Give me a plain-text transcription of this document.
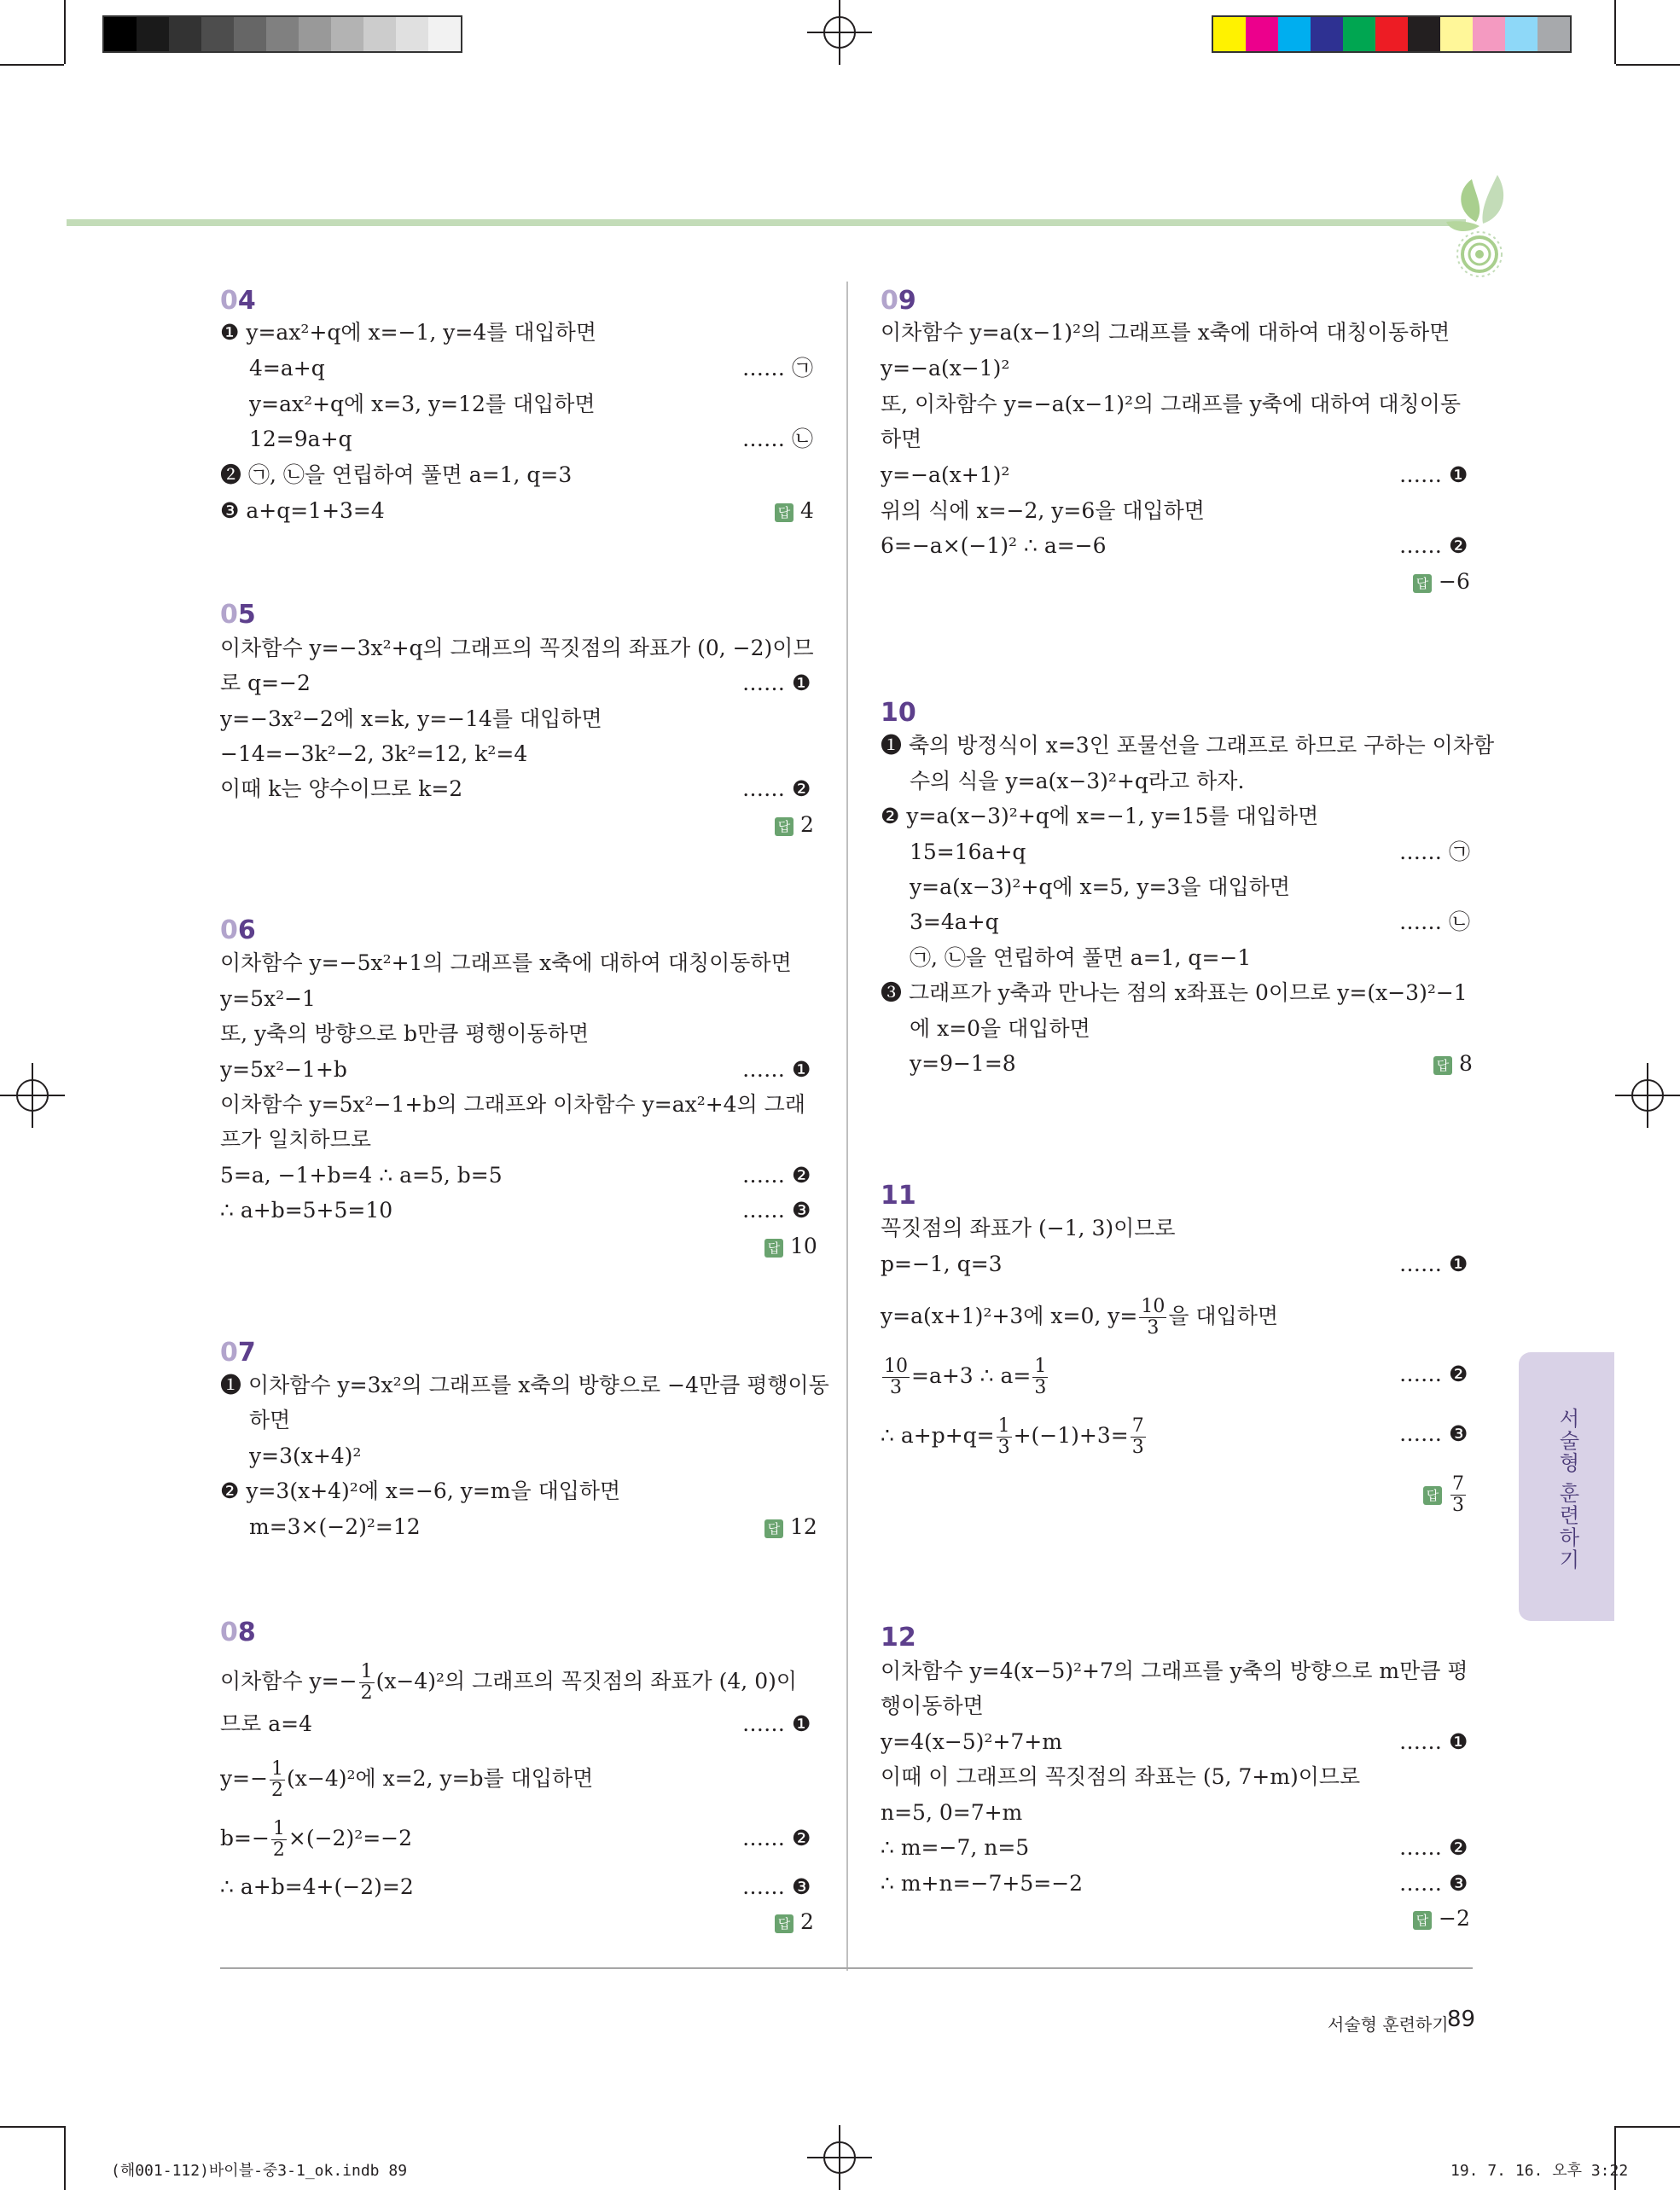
04
❶ y=ax²+q에 x=−1, y=4를 대입하면
4=a+q	…… ㉠
y=ax²+q에 x=3, y=12를 대입하면
12=9a+q	…… ㉡
❷ ㉠, ㉡을 연립하여 풀면 a=1, q=3
❸ a+q=1+3=4	답 4
05
이차함수 y=−3x²+q의 그래프의 꼭짓점의 좌표가 (0, −2)이므
로 q=−2	…… ❶
y=−3x²−2에 x=k, y=−14를 대입하면
−14=−3k²−2, 3k²=12, k²=4
이때 k는 양수이므로 k=2	…… ❷
답 2
06
이차함수 y=−5x²+1의 그래프를 x축에 대하여 대칭이동하면
y=5x²−1
또, y축의 방향으로 b만큼 평행이동하면
y=5x²−1+b	…… ❶
이차함수 y=5x²−1+b의 그래프와 이차함수 y=ax²+4의 그래
프가 일치하므로
5=a, −1+b=4 ∴ a=5, b=5	…… ❷
∴ a+b=5+5=10	…… ❸
답 10
07
❶ 이차함수 y=3x²의 그래프를 x축의 방향으로 −4만큼 평행이동
하면
y=3(x+4)²
❷ y=3(x+4)²에 x=−6, y=m을 대입하면
m=3×(−2)²=12	답 12
08
이차함수 $y=- \frac{1}{2} (x-4)^2$의 그래프의 꼭짓점의 좌표가 (4, 0)이
므로 a=4	…… ❶
$y=- \frac{1}{2} (x-4)^2$에 x=2, y=b를 대입하면
$b=- \frac{1}{2} \times(-2)^2=-2$	…… ❷
∴ a+b=4+(−2)=2	…… ❸
답 2
09
이차함수 y=a(x−1)²의 그래프를 x축에 대하여 대칭이동하면
y=−a(x−1)²
또, 이차함수 y=−a(x−1)²의 그래프를 y축에 대하여 대칭이동
하면
y=−a(x+1)²	…… ❶
위의 식에 x=−2, y=6을 대입하면
6=−a×(−1)² ∴ a=−6	…… ❷
답 −6
10
❶ 축의 방정식이 x=3인 포물선을 그래프로 하므로 구하는 이차함
수의 식을 y=a(x−3)²+q라고 하자.
❷ y=a(x−3)²+q에 x=−1, y=15를 대입하면
15=16a+q	…… ㉠
y=a(x−3)²+q에 x=5, y=3을 대입하면
3=4a+q	…… ㉡
㉠, ㉡을 연립하여 풀면 a=1, q=−1
❸ 그래프가 y축과 만나는 점의 x좌표는 0이므로 y=(x−3)²−1
에 x=0을 대입하면
y=9−1=8	답 8
11
꼭짓점의 좌표가 (−1, 3)이므로
p=−1, q=3	…… ❶
y=a(x+1)²+3에 x=0, $y= \frac{10}{3}$ 을 대입하면
$\frac{10}{3} =a+3$ ∴ $a= \frac{1}{3}$	…… ❷
∴ $a+p+q= \frac{1}{3} +(-1)+3= \frac{7}{3}$	…… ❸
답 $\frac{7}{3}$
12
이차함수 y=4(x−5)²+7의 그래프를 y축의 방향으로 m만큼 평
행이동하면
y=4(x−5)²+7+m	…… ❶
이때 이 그래프의 꼭짓점의 좌표는 (5, 7+m)이므로
n=5, 0=7+m
∴ m=−7, n=5	…… ❷
∴ m+n=−7+5=−2	…… ❸
답 −2
서술형 훈련하기
서술형 훈련하기
89
(해001-112)바이블-중3-1_ok.indb 89	19. 7. 16. 오후 3:22
